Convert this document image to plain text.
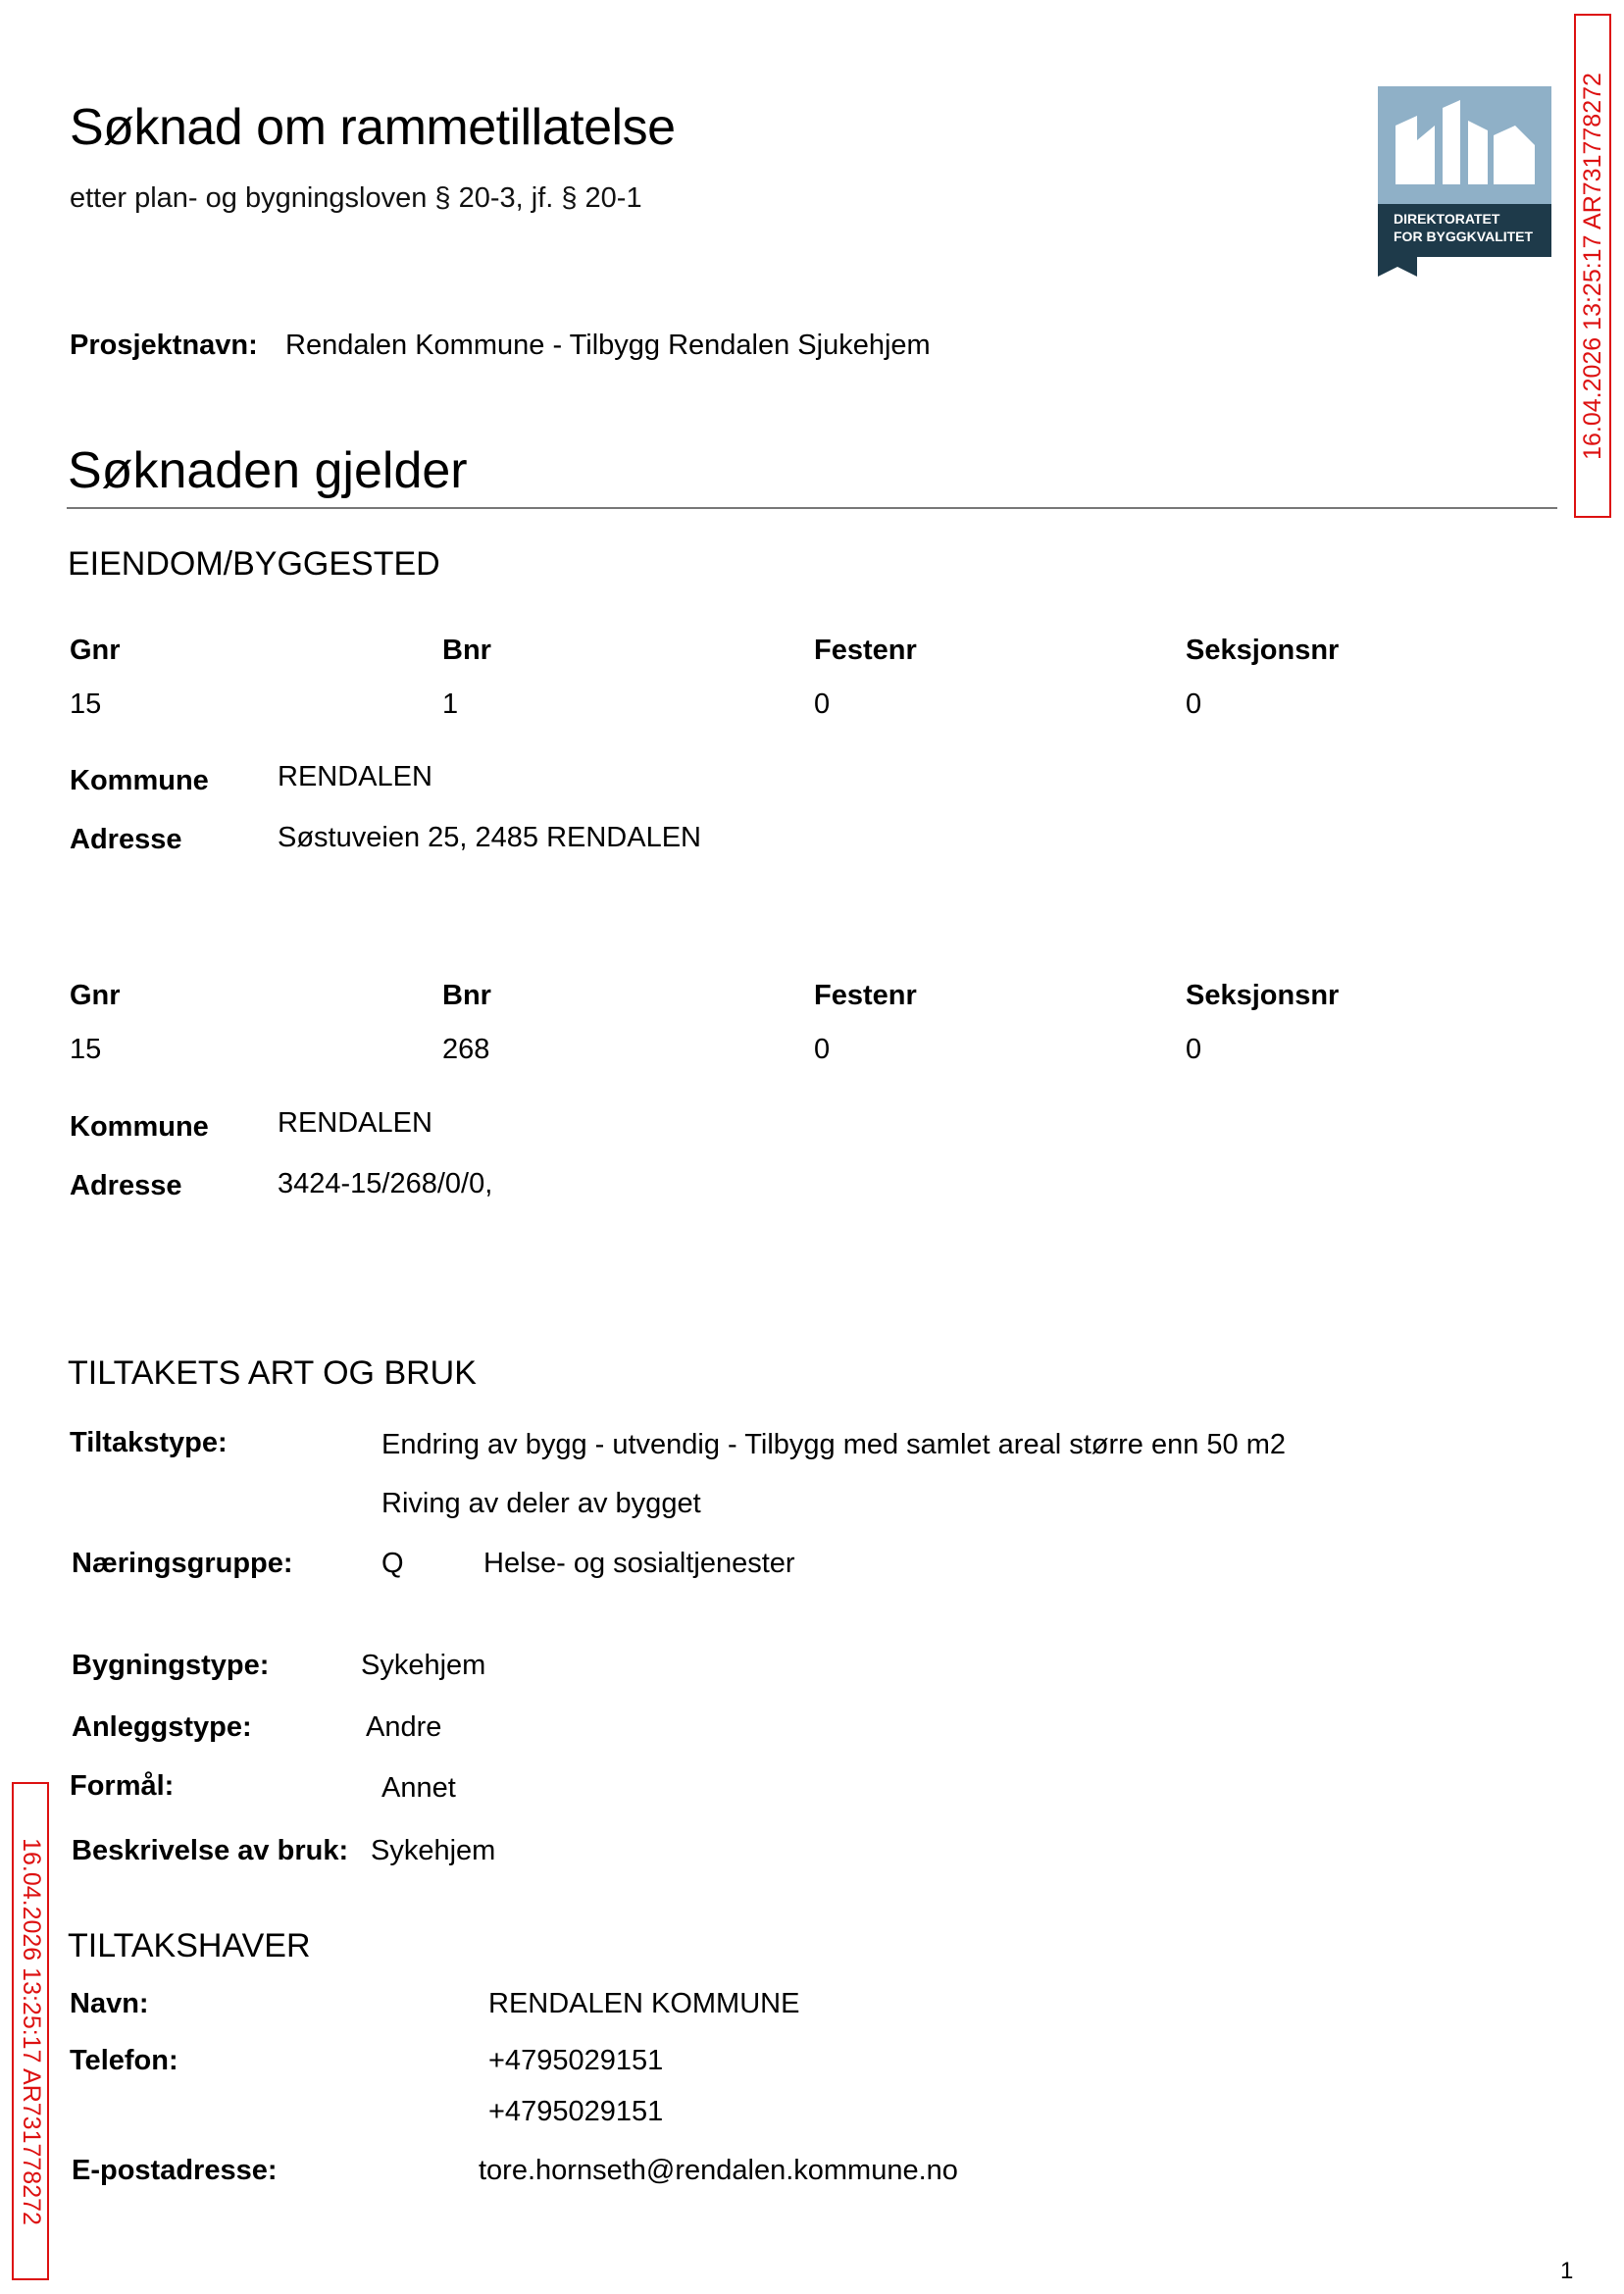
Søknad om rammetillatelse
etter plan- og bygningsloven § 20-3, jf. § 20-1
DIREKTORATET
FOR BYGGKVALITET
Prosjektnavn: Rendalen Kommune - Tilbygg Rendalen Sjukehjem
Søknaden gjelder
EIENDOM/BYGGESTED
Gnr	Bnr	Festenr	Seksjonsnr
15	1	0	0
Kommune RENDALEN
Adresse	Søstuveien 25, 2485 RENDALEN
Gnr	Bnr	Festenr	Seksjonsnr
15	268	0	0
Kommune RENDALEN
Adresse	3424-15/268/0/0,
TILTAKETS ART OG BRUK
Tiltakstype:	Endring av bygg - utvendig - Tilbygg med samlet areal større enn 50 m2
Riving av deler av bygget
Næringsgruppe:	Q	Helse- og sosialtjenester
Bygningstype:	Sykehjem
Anleggstype:	Andre
Formål:	Annet
Beskrivelse av bruk: Sykehjem
TILTAKSHAVER
Navn:	RENDALEN KOMMUNE
Telefon:	+4795029151
+4795029151
E-postadresse:	tore.hornseth@rendalen.kommune.no
16.04.2026 13:25:17 AR731778272
16.04.2026 13:25:17 AR731778272
1
